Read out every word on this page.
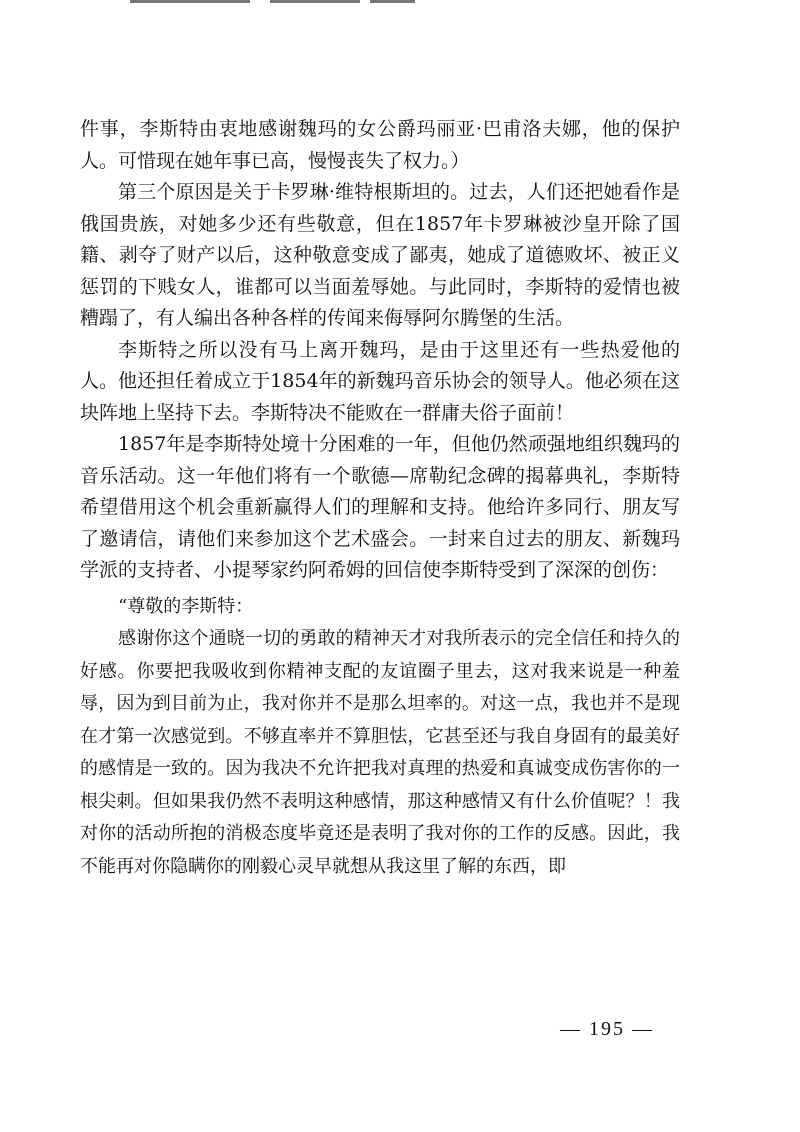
件事，李斯特由衷地感谢魏玛的女公爵玛丽亚·巴甫洛夫娜，他的保护人。可惜现在她年事已高，慢慢丧失了权力。）

第三个原因是关于卡罗琳·维特根斯坦的。过去，人们还把她看作是俄国贵族，对她多少还有些敬意，但在1857年卡罗琳被沙皇开除了国籍、剥夺了财产以后，这种敬意变成了鄙夷，她成了道德败坏、被正义惩罚的下贱女人，谁都可以当面羞辱她。与此同时，李斯特的爱情也被糟蹋了，有人编出各种各样的传闻来侮辱阿尔腾堡的生活。

李斯特之所以没有马上离开魏玛，是由于这里还有一些热爱他的人。他还担任着成立于1854年的新魏玛音乐协会的领导人。他必须在这块阵地上坚持下去。李斯特决不能败在一群庸夫俗子面前！

1857年是李斯特处境十分困难的一年，但他仍然顽强地组织魏玛的音乐活动。这一年他们将有一个歌德—席勒纪念碑的揭幕典礼，李斯特希望借用这个机会重新赢得人们的理解和支持。他给许多同行、朋友写了邀请信，请他们来参加这个艺术盛会。一封来自过去的朋友、新魏玛学派的支持者、小提琴家约阿希姆的回信使李斯特受到了深深的创伤：

“尊敬的李斯特：

感谢你这个通晓一切的勇敢的精神天才对我所表示的完全信任和持久的好感。你要把我吸收到你精神支配的友谊圈子里去，这对我来说是一种羞辱，因为到目前为止，我对你并不是那么坦率的。对这一点，我也并不是现在才第一次感觉到。不够直率并不算胆怯，它甚至还与我自身固有的最美好的感情是一致的。因为我决不允许把我对真理的热爱和真诚变成伤害你的一根尖刺。但如果我仍然不表明这种感情，那这种感情又有什么价值呢？！我对你的活动所抱的消极态度毕竟还是表明了我对你的工作的反感。因此，我不能再对你隐瞒你的刚毅心灵早就想从我这里了解的东西，即

— 195 —
